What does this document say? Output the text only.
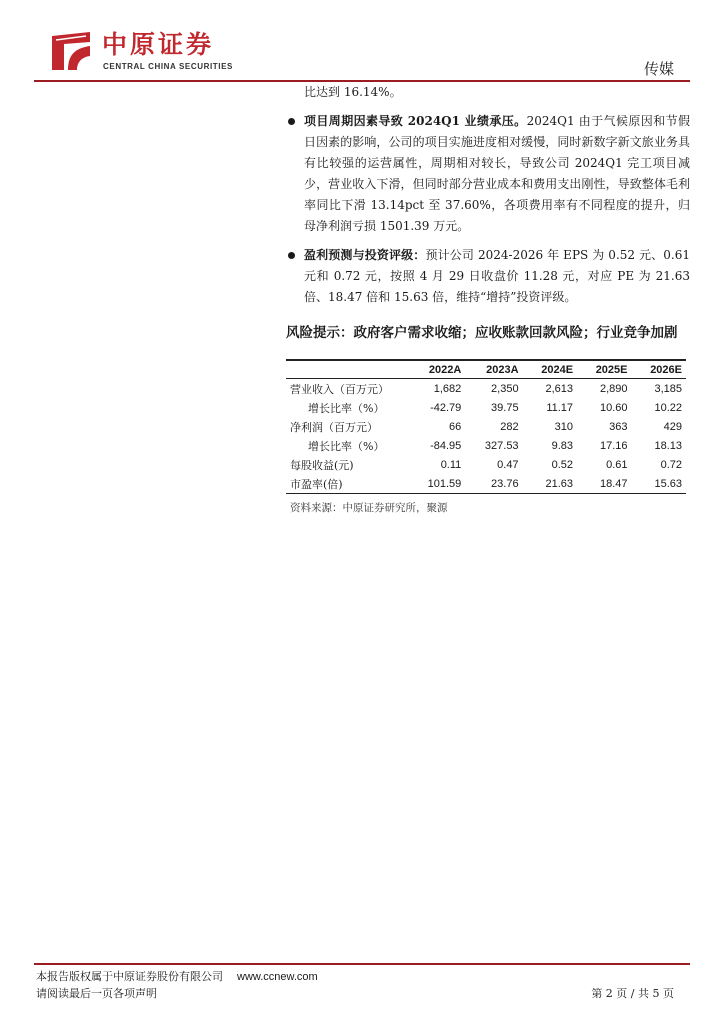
中原证券
CENTRAL CHINA SECURITIES	传媒
比达到 16.14%。
项目周期因素导致 2024Q1 业绩承压。2024Q1 由于气候原因和节假日因素的影响，公司的项目实施进度相对缓慢，同时新数字新文旅业务具有比较强的运营属性，周期相对较长，导致公司 2024Q1 完工项目减少，营业收入下滑，但同时部分营业成本和费用支出刚性，导致整体毛利率同比下滑 13.14pct 至 37.60%，各项费用率有不同程度的提升，归母净利润亏损 1501.39 万元。
盈利预测与投资评级：预计公司 2024-2026 年 EPS 为 0.52 元、0.61 元和 0.72 元，按照 4 月 29 日收盘价 11.28 元，对应 PE 为 21.63 倍、18.47 倍和 15.63 倍，维持“增持”投资评级。
风险提示：政府客户需求收缩；应收账款回款风险；行业竞争加剧
	2022A	2023A	2024E	2025E	2026E
营业收入（百万元）	1,682	2,350	2,613	2,890	3,185
增长比率（%）	-42.79	39.75	11.17	10.60	10.22
净利润（百万元）	66	282	310	363	429
增长比率（%）	-84.95	327.53	9.83	17.16	18.13
每股收益(元)	0.11	0.47	0.52	0.61	0.72
市盈率(倍)	101.59	23.76	21.63	18.47	15.63
资料来源：中原证券研究所，聚源
本报告版权属于中原证券股份有限公司 www.ccnew.com
请阅读最后一页各项声明	第 2 页 / 共 5 页
